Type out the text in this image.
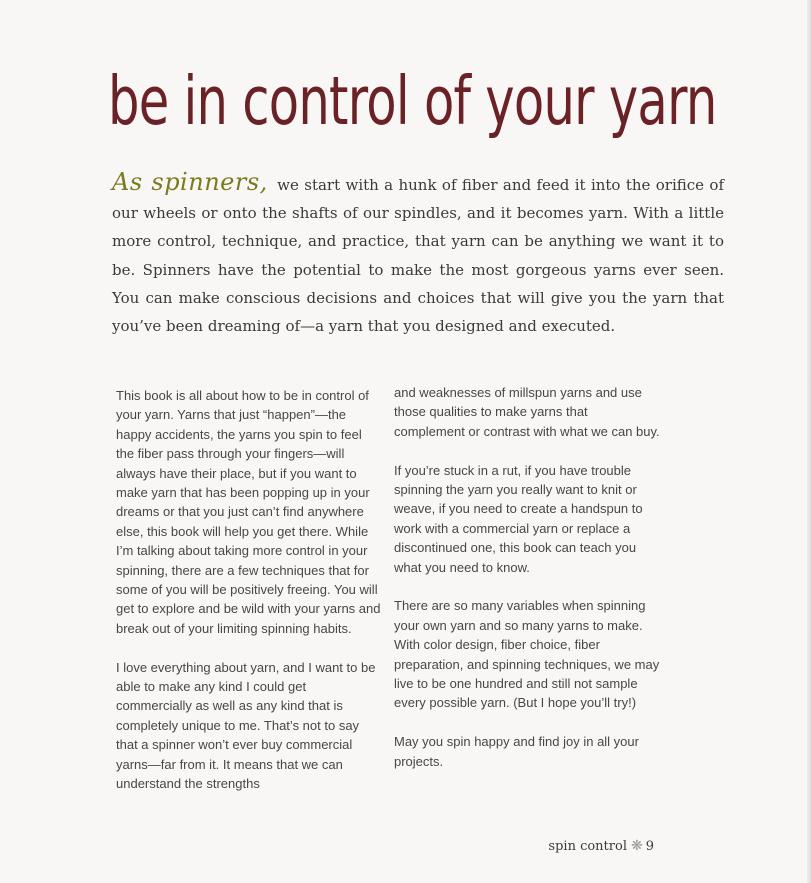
be in control of your yarn

As spinners, we start with a hunk of fiber and feed it into the orifice of our wheels or onto the shafts of our spindles, and it becomes yarn. With a little more control, technique, and practice, that yarn can be anything we want it to be. Spinners have the potential to make the most gorgeous yarns ever seen. You can make conscious decisions and choices that will give you the yarn that you’ve been dreaming of—a yarn that you designed and executed.

This book is all about how to be in control of your yarn. Yarns that just “happen”—the happy accidents, the yarns you spin to feel the fiber pass through your fingers—will always have their place, but if you want to make yarn that has been popping up in your dreams or that you just can’t find anywhere else, this book will help you get there. While I’m talking about taking more control in your spinning, there are a few techniques that for some of you will be positively freeing. You will get to explore and be wild with your yarns and break out of your limiting spinning habits.

I love everything about yarn, and I want to be able to make any kind I could get commercially as well as any kind that is completely unique to me. That’s not to say that a spinner won’t ever buy commercial yarns—far from it. It means that we can understand the strengths

and weaknesses of millspun yarns and use those qualities to make yarns that complement or contrast with what we can buy.

If you’re stuck in a rut, if you have trouble spinning the yarn you really want to knit or weave, if you need to create a handspun to work with a commercial yarn or replace a discontinued one, this book can teach you what you need to know.

There are so many variables when spinning your own yarn and so many yarns to make. With color design, fiber choice, fiber preparation, and spinning techniques, we may live to be one hundred and still not sample every possible yarn. (But I hope you’ll try!)

May you spin happy and find joy in all your projects.

spin control ❋ 9
